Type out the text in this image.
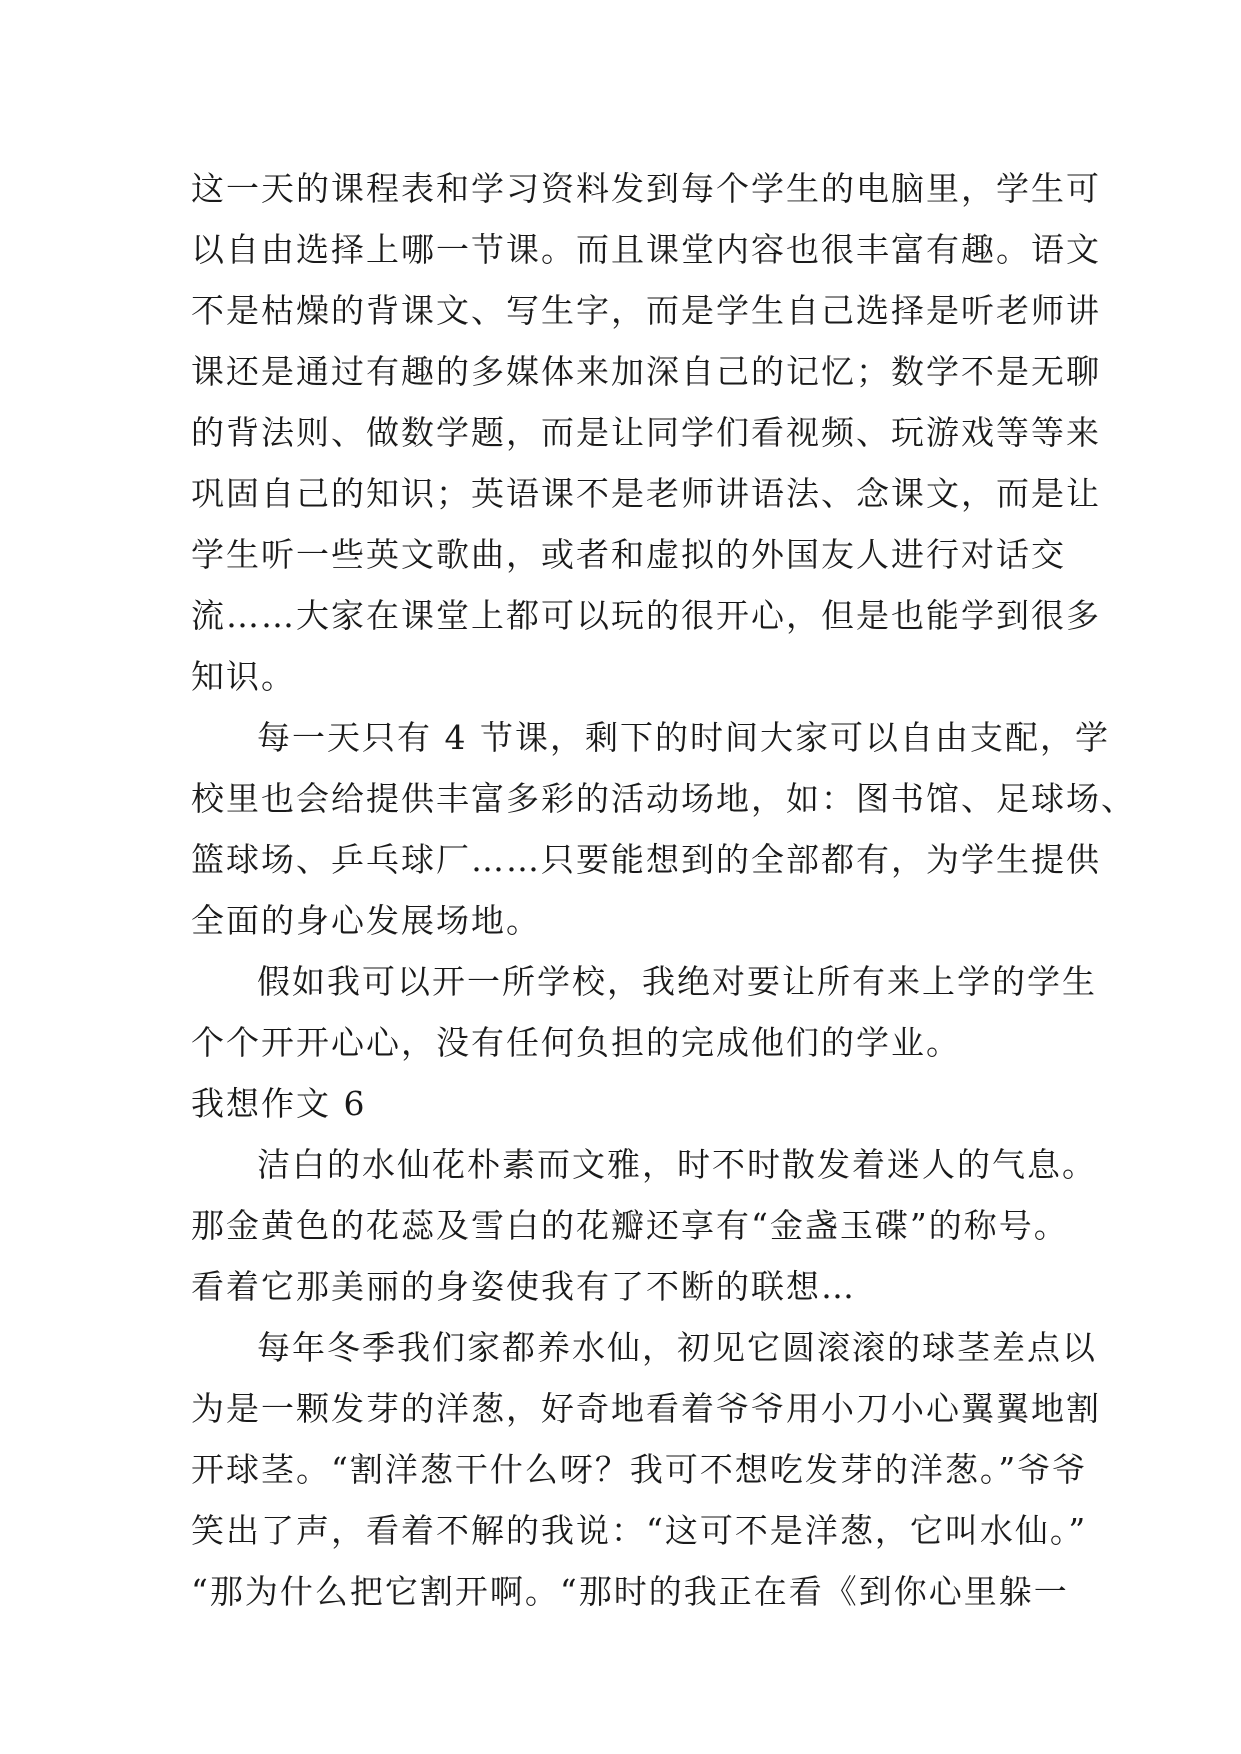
这一天的课程表和学习资料发到每个学生的电脑里，学生可
以自由选择上哪一节课。而且课堂内容也很丰富有趣。语文
不是枯燥的背课文、写生字，而是学生自己选择是听老师讲
课还是通过有趣的多媒体来加深自己的记忆；数学不是无聊
的背法则、做数学题，而是让同学们看视频、玩游戏等等来
巩固自己的知识；英语课不是老师讲语法、念课文，而是让
学生听一些英文歌曲，或者和虚拟的外国友人进行对话交
流……大家在课堂上都可以玩的很开心，但是也能学到很多
知识。
每一天只有 4 节课，剩下的时间大家可以自由支配，学
校里也会给提供丰富多彩的活动场地，如：图书馆、足球场、
篮球场、乒乓球厂……只要能想到的全部都有，为学生提供
全面的身心发展场地。
假如我可以开一所学校，我绝对要让所有来上学的学生
个个开开心心，没有任何负担的完成他们的学业。
我想作文 6
洁白的水仙花朴素而文雅，时不时散发着迷人的气息。
那金黄色的花蕊及雪白的花瓣还享有“金盏玉碟”的称号。
看着它那美丽的身姿使我有了不断的联想…
每年冬季我们家都养水仙，初见它圆滚滚的球茎差点以
为是一颗发芽的洋葱，好奇地看着爷爷用小刀小心翼翼地割
开球茎。“割洋葱干什么呀？我可不想吃发芽的洋葱。”爷爷
笑出了声，看着不解的我说：“这可不是洋葱，它叫水仙。”
“那为什么把它割开啊。“那时的我正在看《到你心里躲一
